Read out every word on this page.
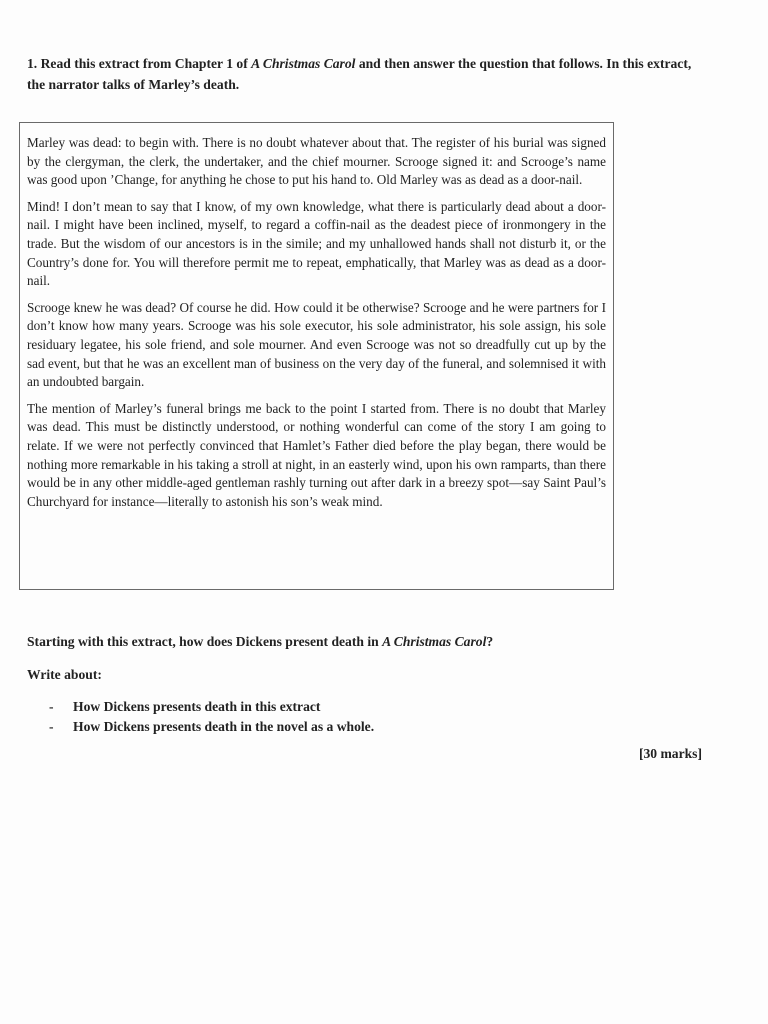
1. Read this extract from Chapter 1 of A Christmas Carol and then answer the question that follows. In this extract, the narrator talks of Marley’s death.

Marley was dead: to begin with. There is no doubt whatever about that. The register of his burial was signed by the clergyman, the clerk, the undertaker, and the chief mourner. Scrooge signed it: and Scrooge’s name was good upon ’Change, for anything he chose to put his hand to. Old Marley was as dead as a door-nail.

Mind! I don’t mean to say that I know, of my own knowledge, what there is particularly dead about a door-nail. I might have been inclined, myself, to regard a coffin-nail as the deadest piece of ironmongery in the trade. But the wisdom of our ancestors is in the simile; and my unhallowed hands shall not disturb it, or the Country’s done for. You will therefore permit me to repeat, emphatically, that Marley was as dead as a door-nail.

Scrooge knew he was dead? Of course he did. How could it be otherwise? Scrooge and he were partners for I don’t know how many years. Scrooge was his sole executor, his sole administrator, his sole assign, his sole residuary legatee, his sole friend, and sole mourner. And even Scrooge was not so dreadfully cut up by the sad event, but that he was an excellent man of business on the very day of the funeral, and solemnised it with an undoubted bargain.

The mention of Marley’s funeral brings me back to the point I started from. There is no doubt that Marley was dead. This must be distinctly understood, or nothing wonderful can come of the story I am going to relate. If we were not perfectly convinced that Hamlet’s Father died before the play began, there would be nothing more remarkable in his taking a stroll at night, in an easterly wind, upon his own ramparts, than there would be in any other middle-aged gentleman rashly turning out after dark in a breezy spot—say Saint Paul’s Churchyard for instance—literally to astonish his son’s weak mind.

Starting with this extract, how does Dickens present death in A Christmas Carol?
Write about:
-	How Dickens presents death in this extract
-	How Dickens presents death in the novel as a whole.
[30 marks]
